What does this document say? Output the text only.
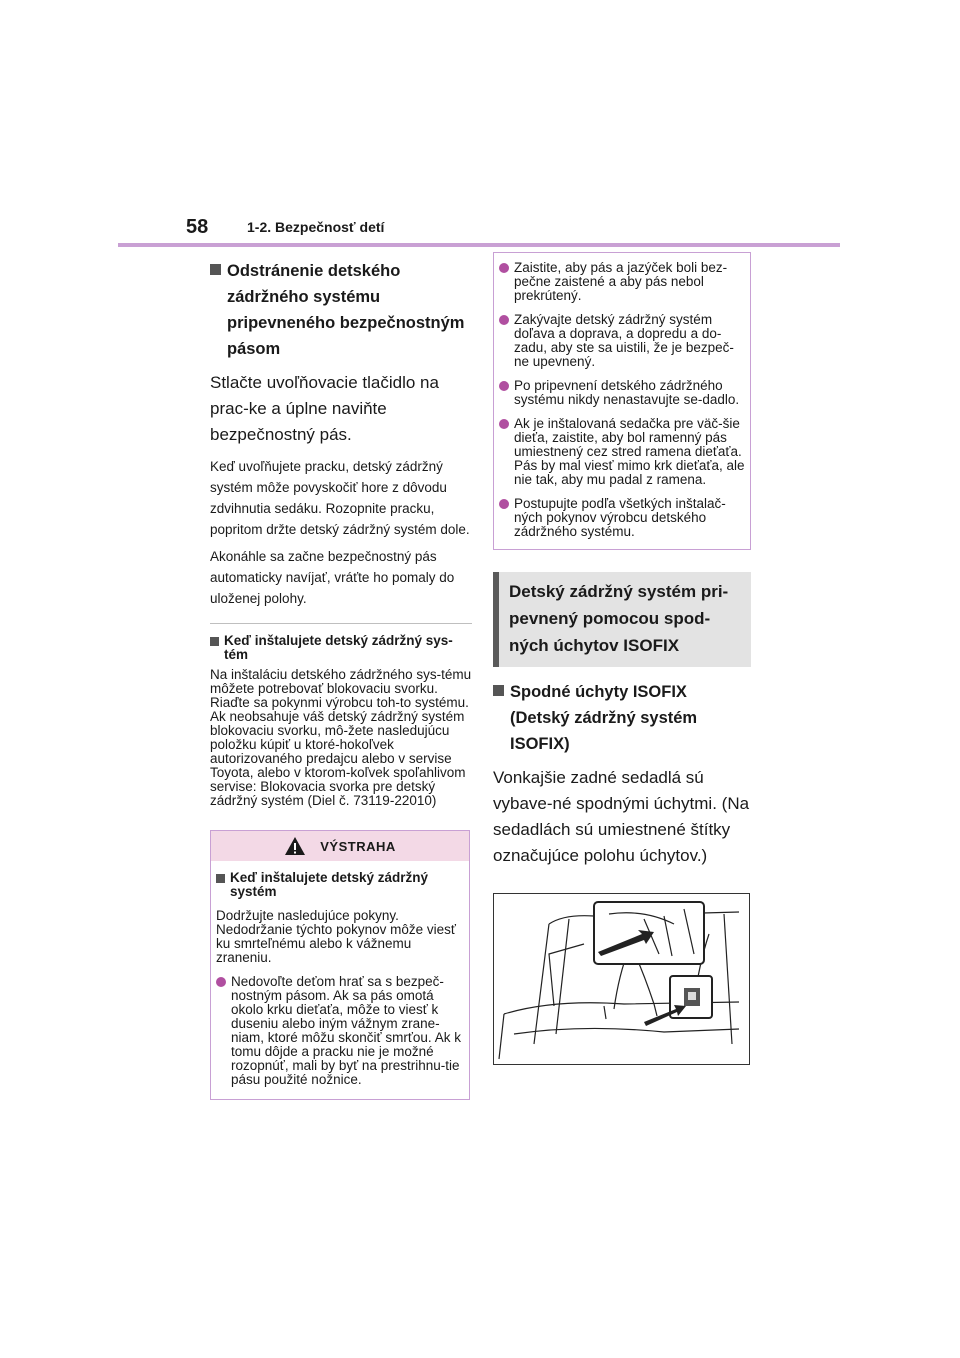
58	1-2. Bezpečnosť detí
Odstránenie detského zádržného systému pripevneného bezpečnostným pásom

Stlačte uvoľňovacie tlačidlo na prac-ke a úplne naviňte bezpečnostný pás.

Keď uvoľňujete pracku, detský zádržný systém môže povyskočiť hore z dôvodu zdvihnutia sedáku. Rozopnite pracku, popritom držte detský zádržný systém dole.

Akonáhle sa začne bezpečnostný pás automaticky navíjať, vráťte ho pomaly do uloženej polohy.

Keď inštalujete detský zádržný sys-tém

Na inštaláciu detského zádržného sys-tému môžete potrebovať blokovaciu svorku. Riaďte sa pokynmi výrobcu toh-to systému. Ak neobsahuje váš detský zádržný systém blokovaciu svorku, mô-žete nasledujúcu položku kúpiť u ktoré-hokoľvek autorizovaného predajcu alebo v servise Toyota, alebo v ktorom-koľvek spoľahlivom servise: Blokovacia svorka pre detský zádržný systém (Diel č. 73119-22010)

VÝSTRAHA
Keď inštalujete detský zádržný systém

Dodržujte nasledujúce pokyny. Nedodržanie týchto pokynov môže viesť ku smrteľnému alebo k vážnemu zraneniu.

Nedovoľte deťom hrať sa s bezpeč-nostným pásom. Ak sa pás omotá okolo krku dieťaťa, môže to viesť k duseniu alebo iným vážnym zrane-niam, ktoré môžu skončiť smrťou. Ak k tomu dôjde a pracku nie je možné rozopnúť, mali by byť na prestrihnu-tie pásu použité nožnice.
Zaistite, aby pás a jazýček boli bez-pečne zaistené a aby pás nebol prekrútený.
Zakývajte detský zádržný systém doľava a doprava, a dopredu a do-zadu, aby ste sa uistili, že je bezpeč-ne upevnený.
Po pripevnení detského zádržného systému nikdy nenastavujte se-dadlo.
Ak je inštalovaná sedačka pre väč-šie dieťa, zaistite, aby bol ramenný pás umiestnený cez stred ramena dieťaťa. Pás by mal viesť mimo krk dieťaťa, ale nie tak, aby mu padal z ramena.
Postupujte podľa všetkých inštalač-ných pokynov výrobcu detského zádržného systému.
Detský zádržný systém pri-pevnený pomocou spod-ných úchytov ISOFIX
Spodné úchyty ISOFIX (Detský zádržný systém ISOFIX)

Vonkajšie zadné sedadlá sú vybave-né spodnými úchytmi. (Na sedadlách sú umiestnené štítky označujúce polohu úchytov.)
